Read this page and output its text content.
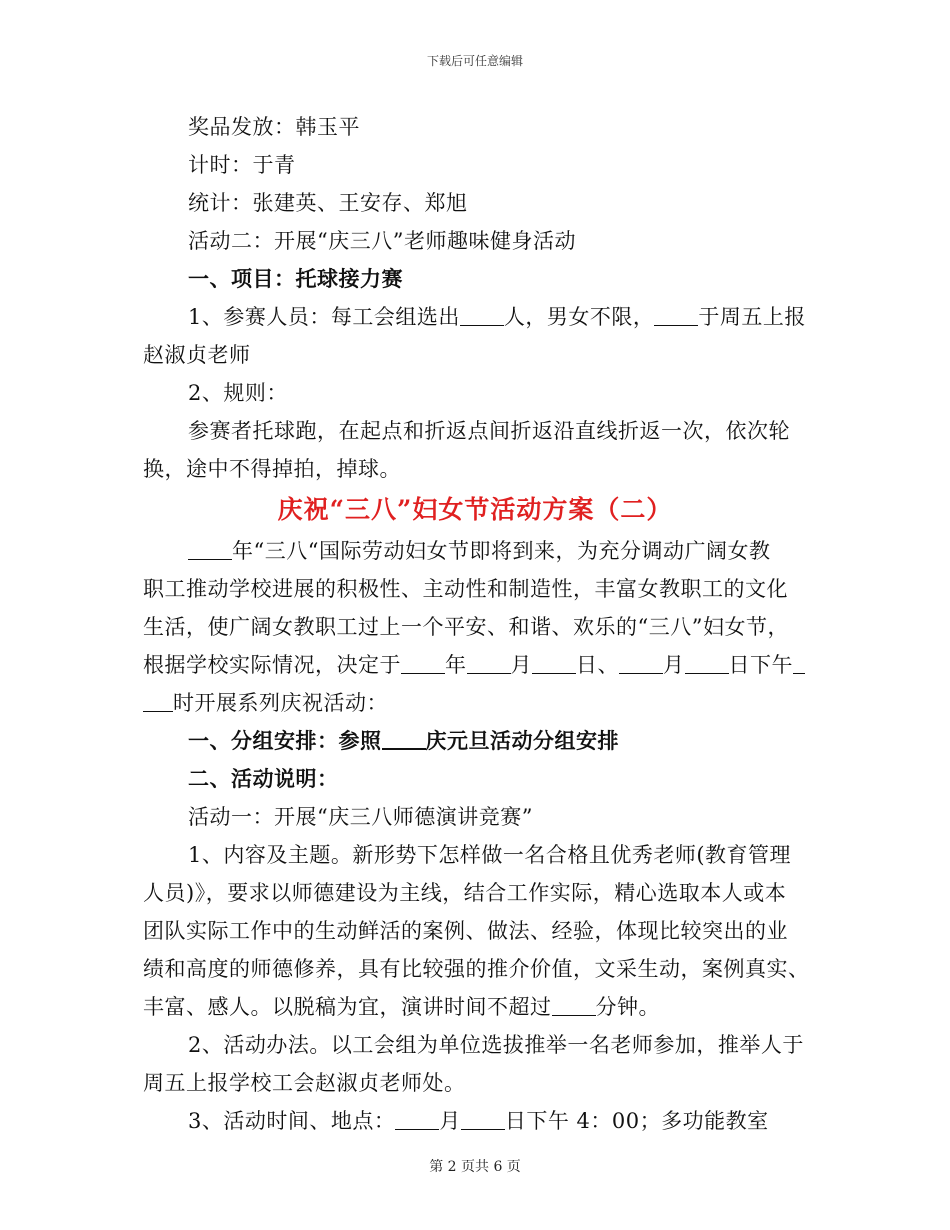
下载后可任意编辑
奖品发放：韩玉平
计时：于青
统计：张建英、王安存、郑旭
活动二：开展“庆三八”老师趣味健身活动
一、项目：托球接力赛
1、参赛人员：每工会组选出 人，男女不限， 于周五上报
赵淑贞老师
2、规则：
参赛者托球跑，在起点和折返点间折返沿直线折返一次，依次轮
换，途中不得掉拍，掉球。
庆祝“三八”妇女节活动方案（二）
年“三八“国际劳动妇女节即将到来，为充分调动广阔女教
职工推动学校进展的积极性、主动性和制造性，丰富女教职工的文化
生活，使广阔女教职工过上一个平安、和谐、欢乐的“三八”妇女节，
根据学校实际情况，决定于 年 月 日、 月 日下午
时开展系列庆祝活动：
一、分组安排：参照 庆元旦活动分组安排
二、活动说明：
活动一：开展“庆三八师德演讲竞赛”
1、内容及主题。新形势下怎样做一名合格且优秀老师(教育管理
人员)》，要求以师德建设为主线，结合工作实际，精心选取本人或本
团队实际工作中的生动鲜活的案例、做法、经验，体现比较突出的业
绩和高度的师德修养，具有比较强的推介价值，文采生动，案例真实、
丰富、感人。以脱稿为宜，演讲时间不超过 分钟。
2、活动办法。以工会组为单位选拔推举一名老师参加，推举人于
周五上报学校工会赵淑贞老师处。
3、活动时间、地点： 月 日下午 4：00；多功能教室
第 2 页共 6 页
